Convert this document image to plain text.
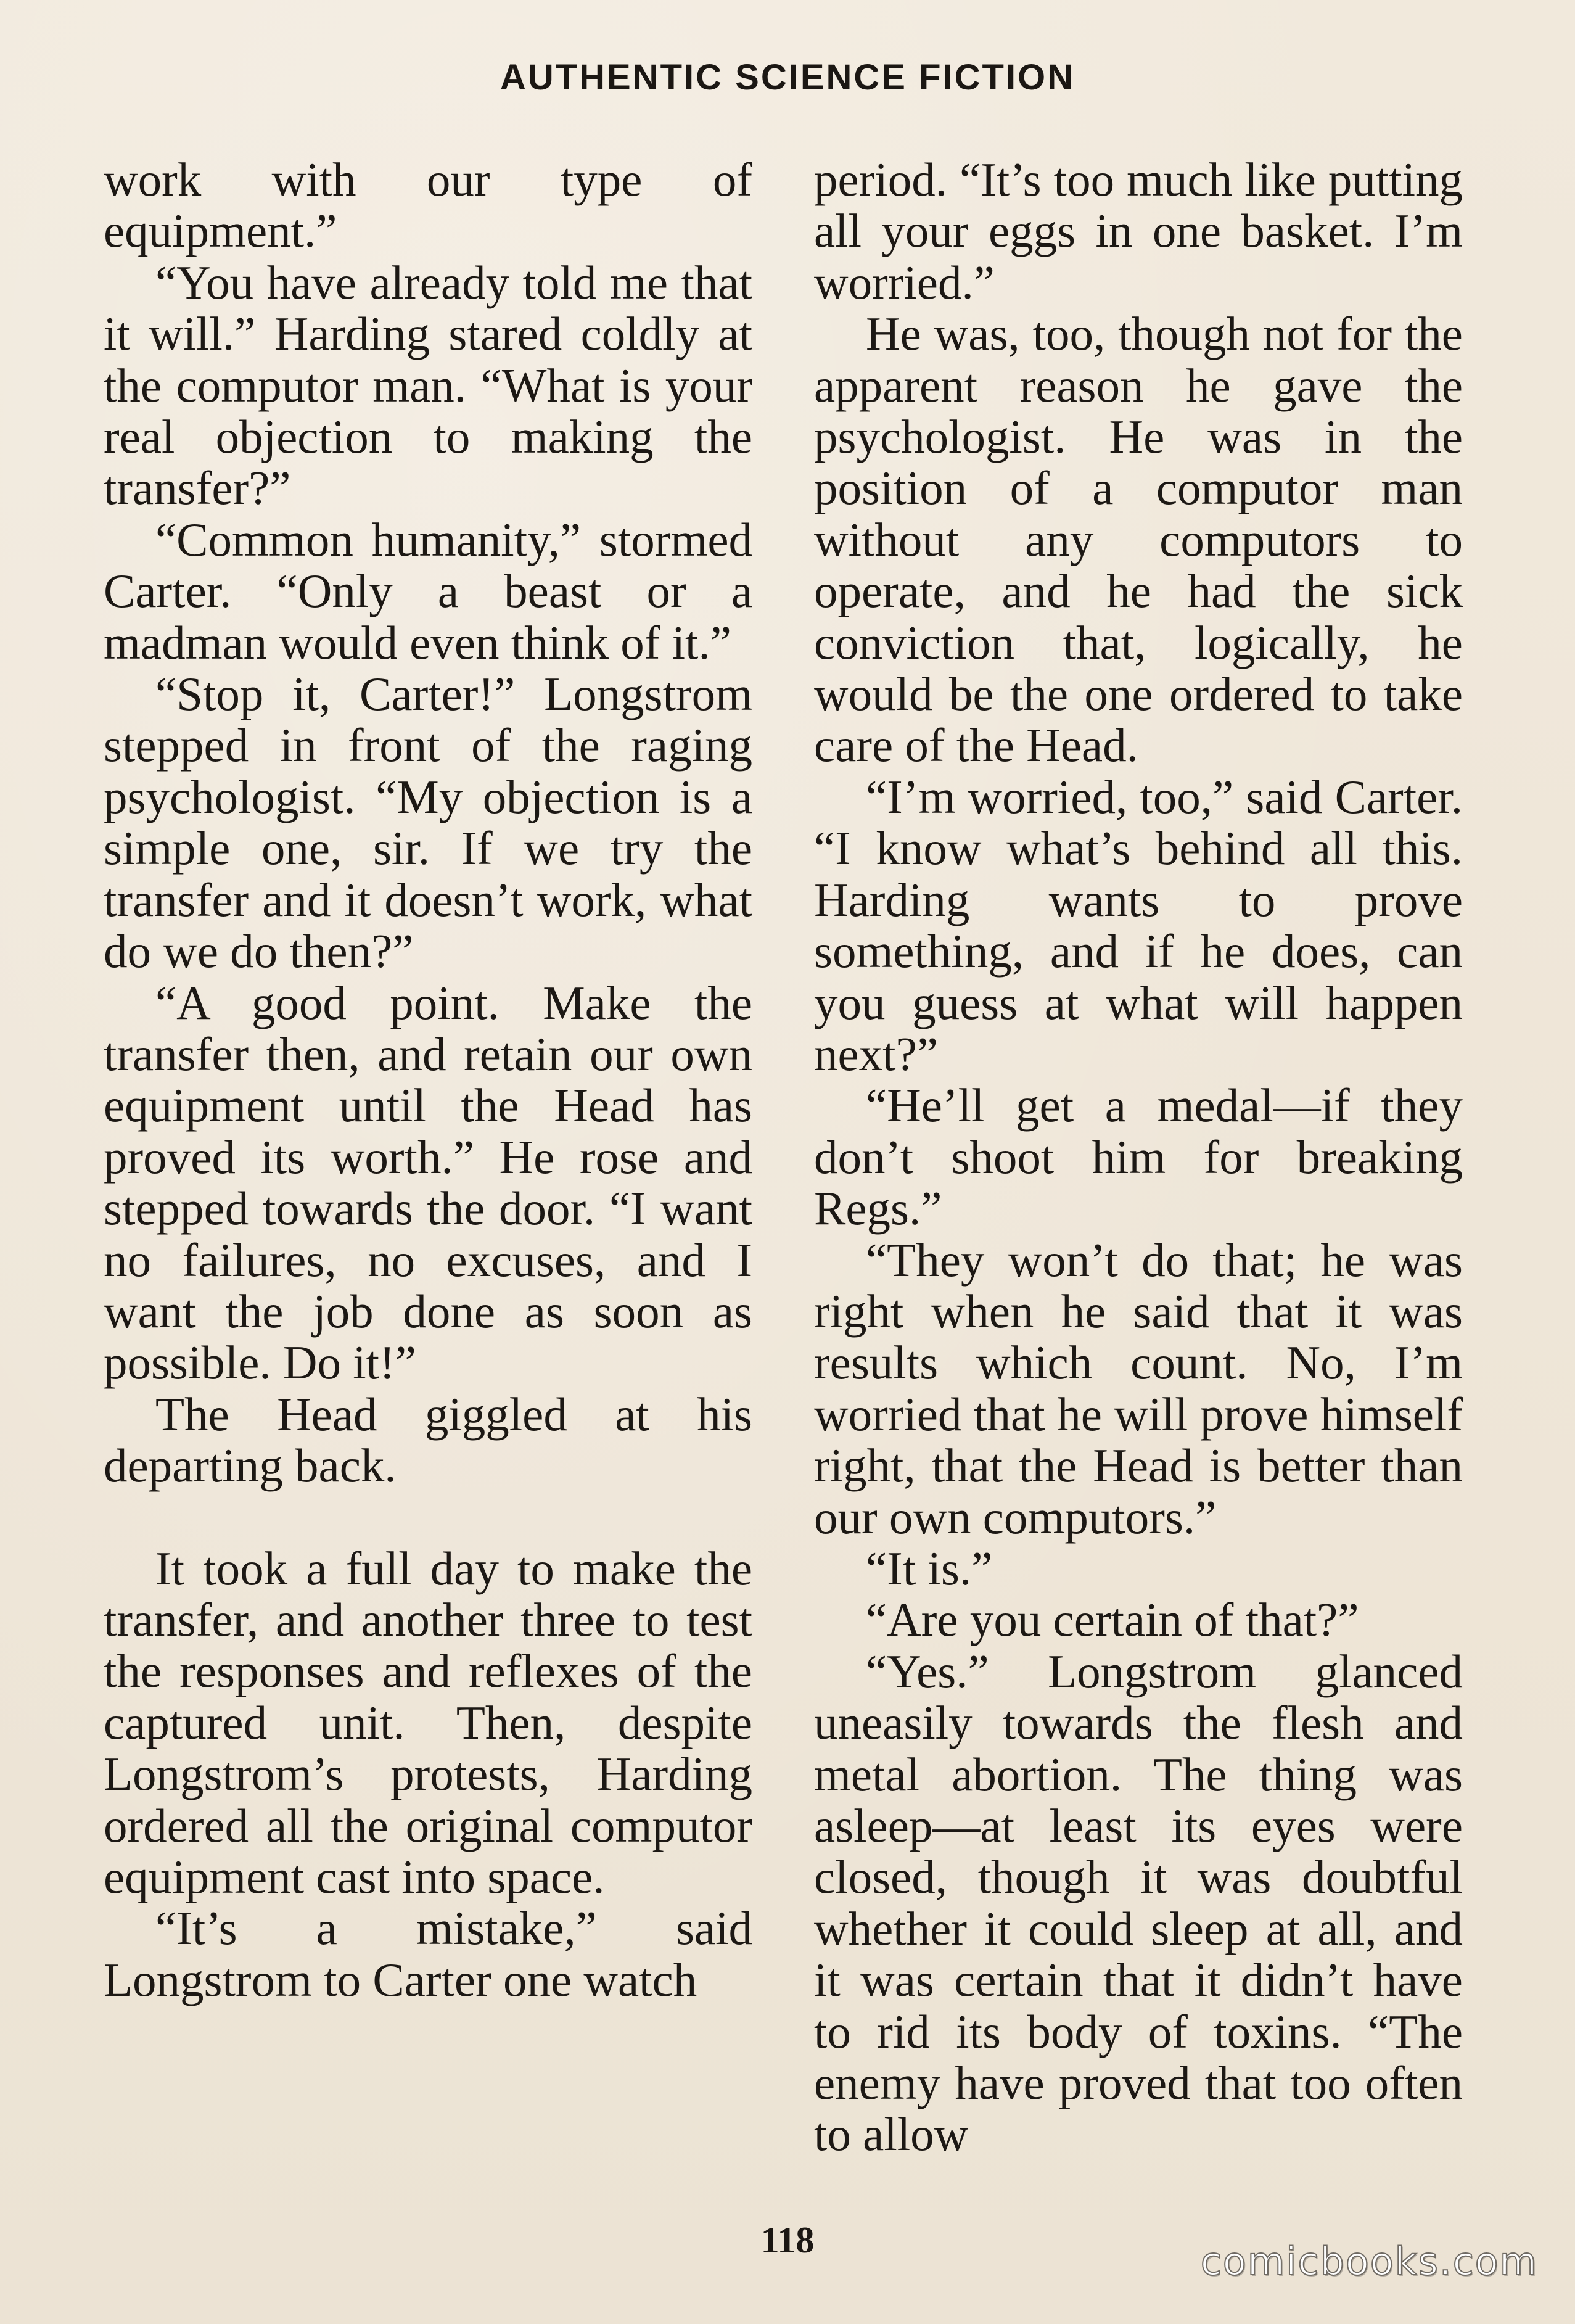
AUTHENTIC SCIENCE FICTION

work with our type of equipment.”

“You have already told me that it will.” Harding stared coldly at the computor man. “What is your real objection to making the transfer?”

“Common humanity,” stormed Carter. “Only a beast or a madman would even think of it.”

“Stop it, Carter!” Longstrom stepped in front of the raging psychologist. “My objection is a simple one, sir. If we try the transfer and it doesn’t work, what do we do then?”

“A good point. Make the transfer then, and retain our own equipment until the Head has proved its worth.” He rose and stepped towards the door. “I want no failures, no excuses, and I want the job done as soon as possible. Do it!”

The Head giggled at his departing back.

It took a full day to make the transfer, and another three to test the responses and reflexes of the captured unit. Then, despite Longstrom’s protests, Harding ordered all the original computor equipment cast into space.

“It’s a mistake,” said Longstrom to Carter one watch

period. “It’s too much like putting all your eggs in one basket. I’m worried.”

He was, too, though not for the apparent reason he gave the psychologist. He was in the position of a computor man without any computors to operate, and he had the sick conviction that, logically, he would be the one ordered to take care of the Head.

“I’m worried, too,” said Carter. “I know what’s behind all this. Harding wants to prove something, and if he does, can you guess at what will happen next?”

“He’ll get a medal—if they don’t shoot him for breaking Regs.”

“They won’t do that; he was right when he said that it was results which count. No, I’m worried that he will prove himself right, that the Head is better than our own computors.”

“It is.”

“Are you certain of that?”

“Yes.” Longstrom glanced uneasily towards the flesh and metal abortion. The thing was asleep—at least its eyes were closed, though it was doubtful whether it could sleep at all, and it was certain that it didn’t have to rid its body of toxins. “The enemy have proved that too often to allow

118	comicbooks.com
